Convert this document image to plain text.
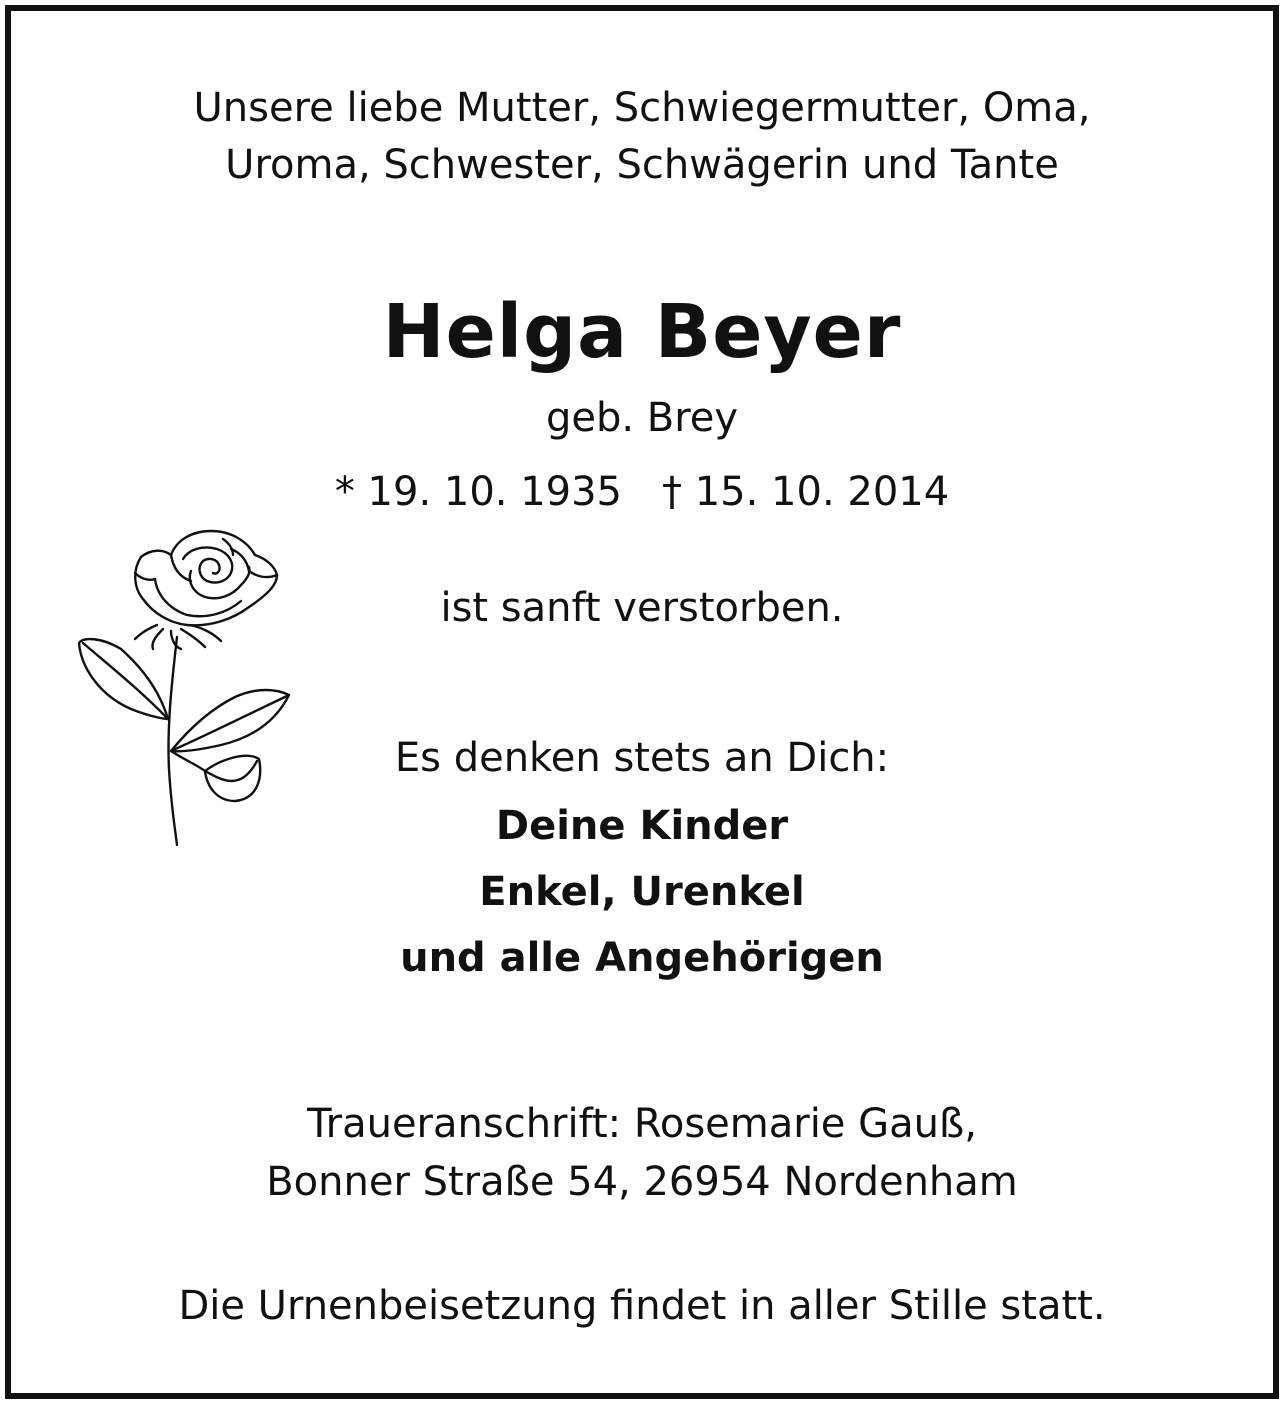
Unsere liebe Mutter, Schwiegermutter, Oma,
Uroma, Schwester, Schwägerin und Tante
Helga Beyer
geb. Brey
* 19. 10. 1935 † 15. 10. 2014
ist sanft verstorben.
Es denken stets an Dich:
Deine Kinder
Enkel, Urenkel
und alle Angehörigen
Traueranschrift: Rosemarie Gauß,
Bonner Straße 54, 26954 Nordenham
Die Urnenbeisetzung findet in aller Stille statt.
